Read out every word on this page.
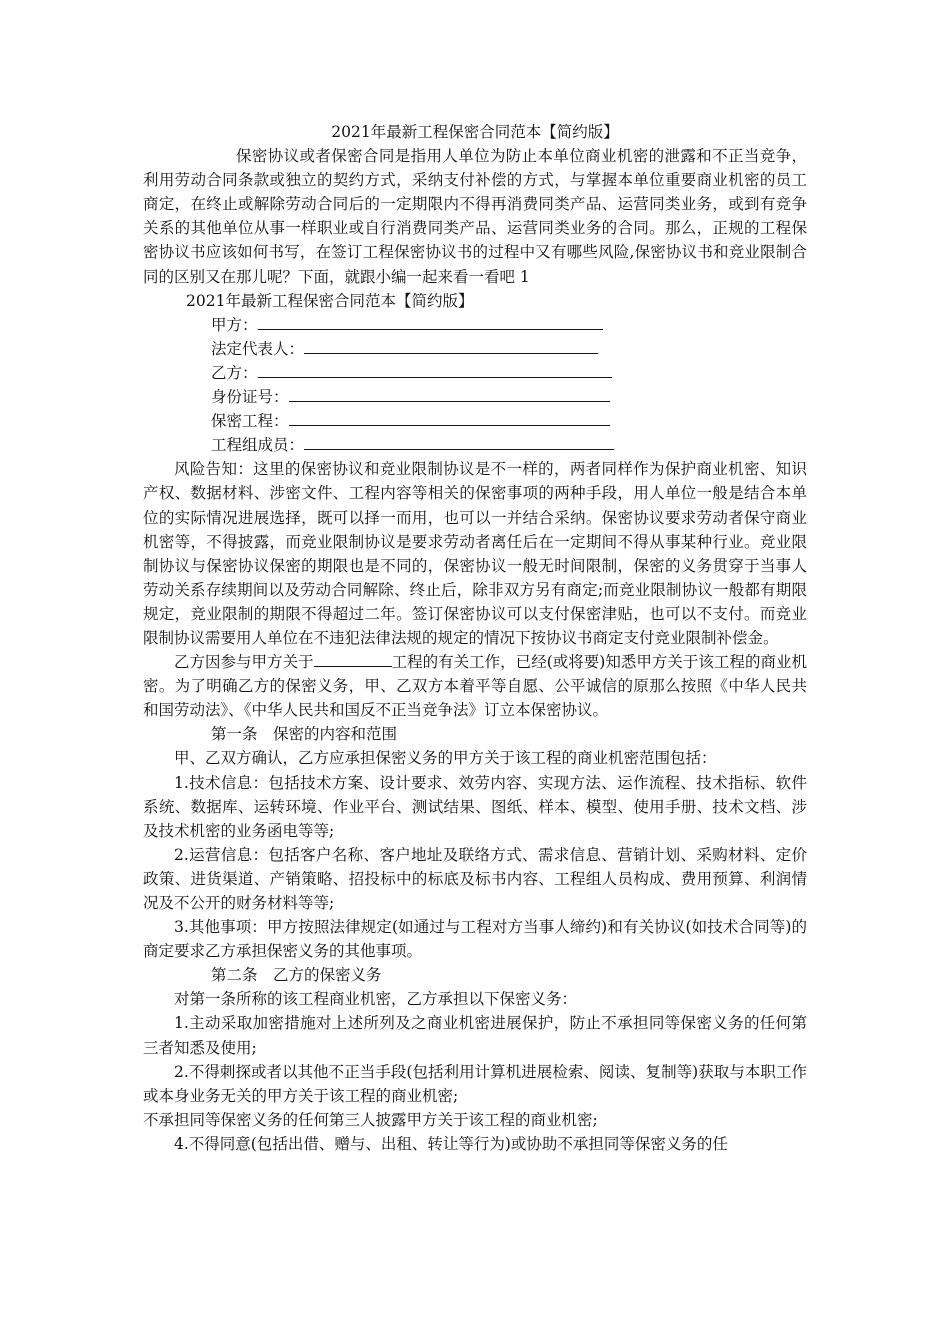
2021年最新工程保密合同范本【简约版】

保密协议或者保密合同是指用人单位为防止本单位商业机密的泄露和不正当竞争，利用劳动合同条款或独立的契约方式，采纳支付补偿的方式，与掌握本单位重要商业机密的员工商定，在终止或解除劳动合同后的一定期限内不得再消费同类产品、运营同类业务，或到有竞争关系的其他单位从事一样职业或自行消费同类产品、运营同类业务的合同。那么，正规的工程保密协议书应该如何书写，在签订工程保密协议书的过程中又有哪些风险,保密协议书和竞业限制合同的区别又在那儿呢？下面，就跟小编一起来看一看吧 1

2021年最新工程保密合同范本【简约版】

甲方：

法定代表人：

乙方：

身份证号：

保密工程：

工程组成员：

风险告知：这里的保密协议和竞业限制协议是不一样的，两者同样作为保护商业机密、知识产权、数据材料、涉密文件、工程内容等相关的保密事项的两种手段，用人单位一般是结合本单位的实际情况进展选择，既可以择一而用，也可以一并结合采纳。保密协议要求劳动者保守商业机密等，不得披露，而竞业限制协议是要求劳动者离任后在一定期间不得从事某种行业。竞业限制协议与保密协议保密的期限也是不同的，保密协议一般无时间限制，保密的义务贯穿于当事人劳动关系存续期间以及劳动合同解除、终止后，除非双方另有商定;而竞业限制协议一般都有期限规定，竞业限制的期限不得超过二年。签订保密协议可以支付保密津贴，也可以不支付。而竞业限制协议需要用人单位在不违犯法律法规的规定的情况下按协议书商定支付竞业限制补偿金。

乙方因参与甲方关于	工程的有关工作，已经(或将要)知悉甲方关于该工程的商业机密。为了明确乙方的保密义务，甲、乙双方本着平等自愿、公平诚信的原那么按照《中华人民共和国劳动法》、《中华人民共和国反不正当竞争法》订立本保密协议。

第一条　保密的内容和范围

甲、乙双方确认，乙方应承担保密义务的甲方关于该工程的商业机密范围包括：

1.技术信息：包括技术方案、设计要求、效劳内容、实现方法、运作流程、技术指标、软件系统、数据库、运转环境、作业平台、测试结果、图纸、样本、模型、使用手册、技术文档、涉及技术机密的业务函电等等;

2.运营信息：包括客户名称、客户地址及联络方式、需求信息、营销计划、采购材料、定价政策、进货渠道、产销策略、招投标中的标底及标书内容、工程组人员构成、费用预算、利润情况及不公开的财务材料等等;

3.其他事项：甲方按照法律规定(如通过与工程对方当事人缔约)和有关协议(如技术合同等)的商定要求乙方承担保密义务的其他事项。

第二条　乙方的保密义务

对第一条所称的该工程商业机密，乙方承担以下保密义务：

1.主动采取加密措施对上述所列及之商业机密进展保护，防止不承担同等保密义务的任何第三者知悉及使用;

2.不得刺探或者以其他不正当手段(包括利用计算机进展检索、阅读、复制等)获取与本职工作或本身业务无关的甲方关于该工程的商业机密;

不承担同等保密义务的任何第三人披露甲方关于该工程的商业机密;

4.不得同意(包括出借、赠与、出租、转让等行为)或协助不承担同等保密义务的任
